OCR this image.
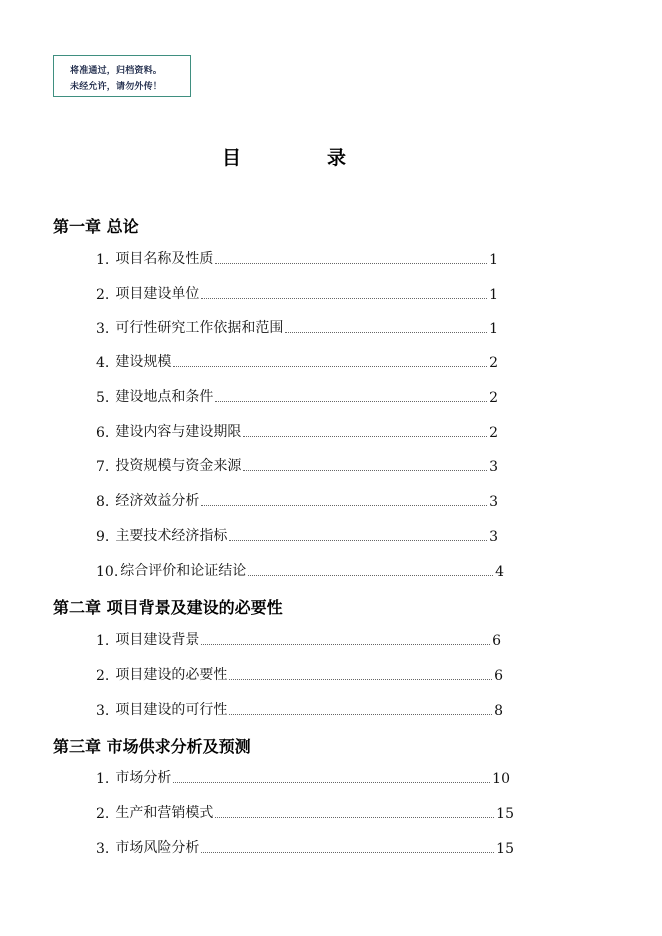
将准通过，归档资料。
未经允许，请勿外传！
目	录
第一章 总论
1. 项目名称及性质	1
2. 项目建设单位	1
3. 可行性研究工作依据和范围	1
4. 建设规模	2
5. 建设地点和条件	2
6. 建设内容与建设期限	2
7. 投资规模与资金来源	3
8. 经济效益分析	3
9. 主要技术经济指标	3
10. 综合评价和论证结论	4
第二章 项目背景及建设的必要性
1. 项目建设背景	6
2. 项目建设的必要性	6
3. 项目建设的可行性	8
第三章 市场供求分析及预测
1. 市场分析	10
2. 生产和营销模式	15
3. 市场风险分析	15
